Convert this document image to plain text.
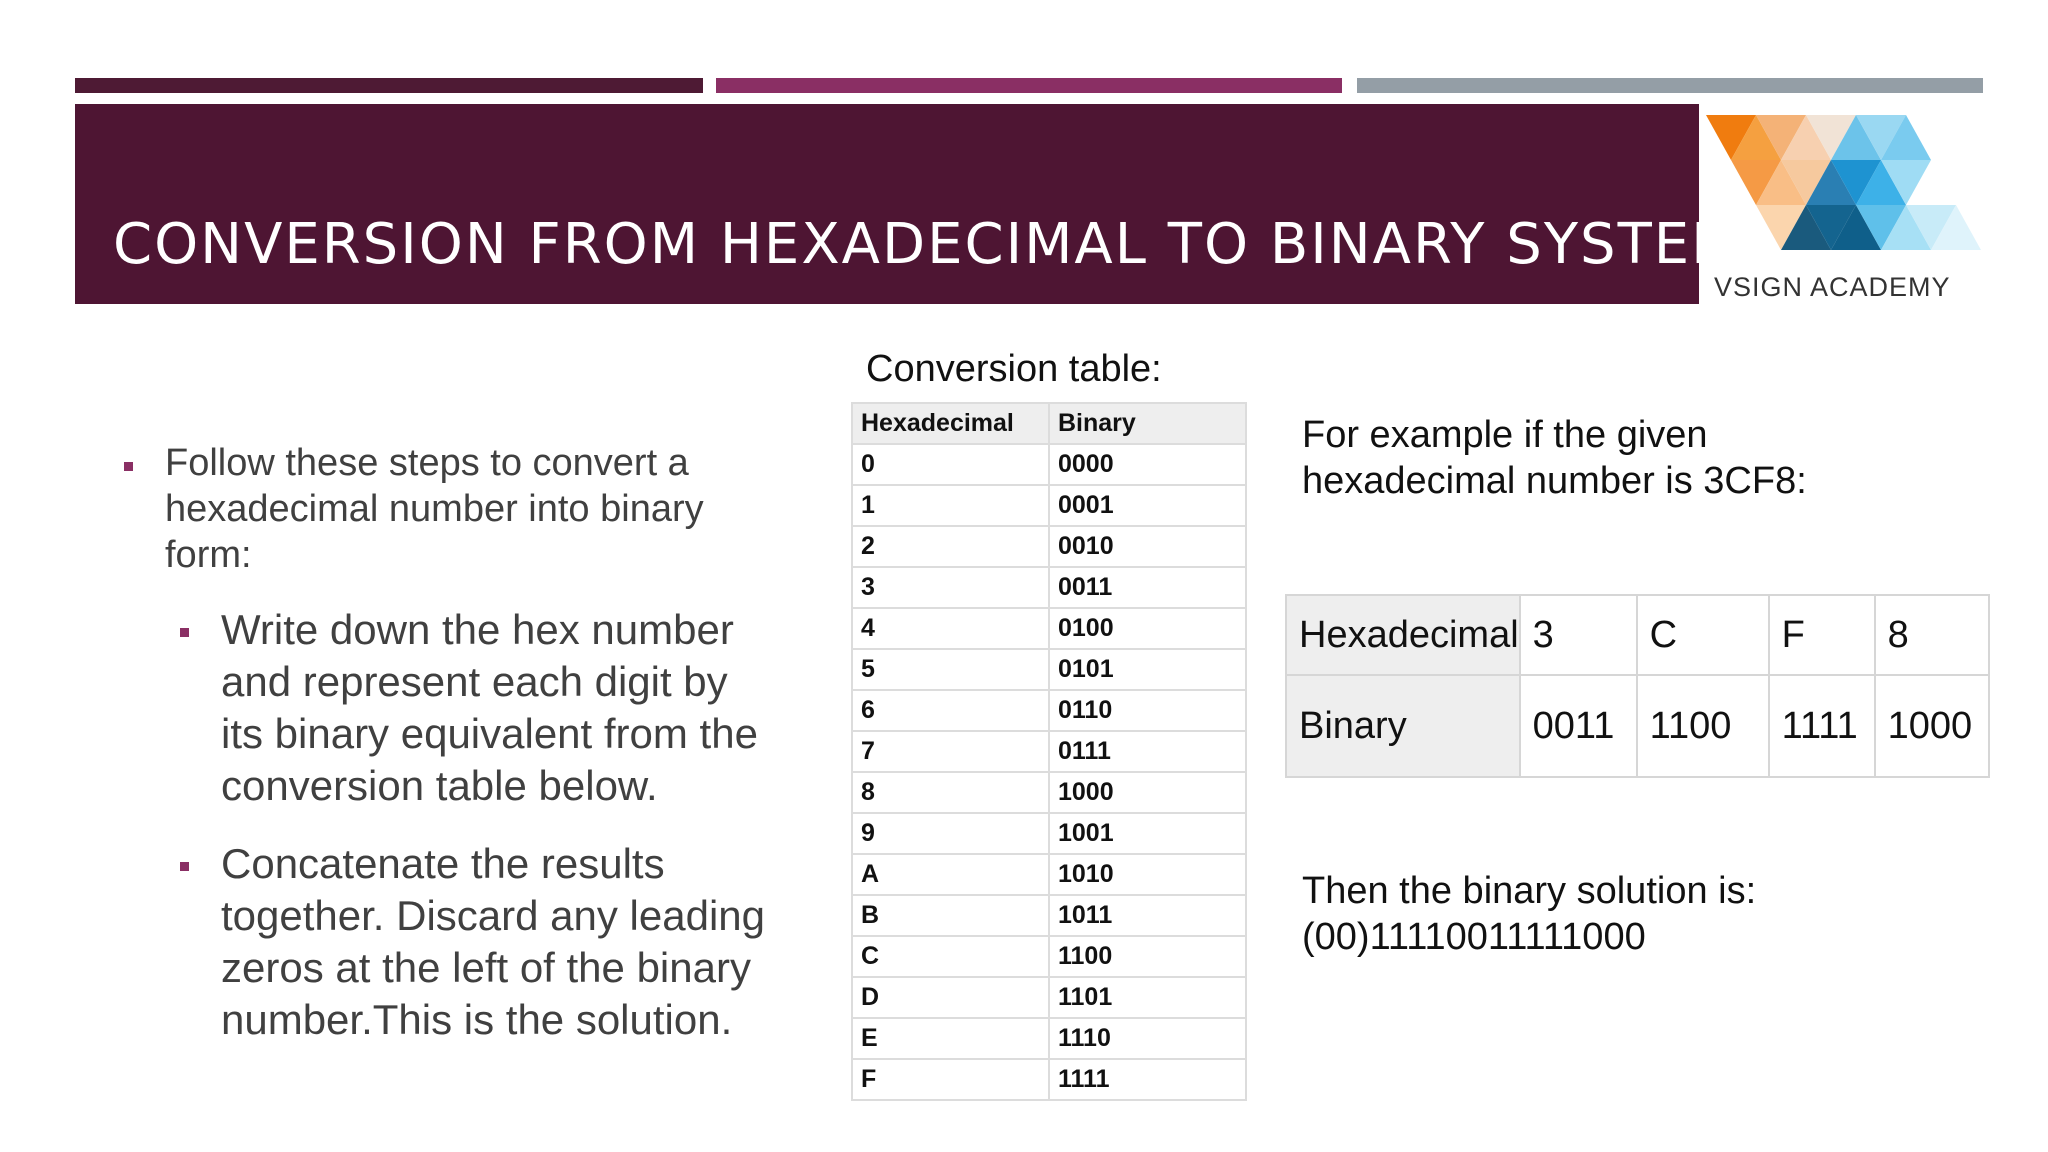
CONVERSION FROM HEXADECIMAL TO BINARY SYSTEM
VSIGN ACADEMY
Follow these steps to convert a hexadecimal number into binary form:
Write down the hex number and represent each digit by its binary equivalent from the conversion table below.
Concatenate the results together. Discard any leading zeros at the left of the binary number.This is the solution.
Conversion table:
Hexadecimal	Binary
0	0000
1	0001
2	0010
3	0011
4	0100
5	0101
6	0110
7	0111
8	1000
9	1001
A	1010
B	1011
C	1100
D	1101
E	1110
F	1111
For example if the given hexadecimal number is 3CF8:
Hexadecimal	3	C	F	8
Binary	0011	1100	1111	1000
Then the binary solution is:
(00)11110011111000
